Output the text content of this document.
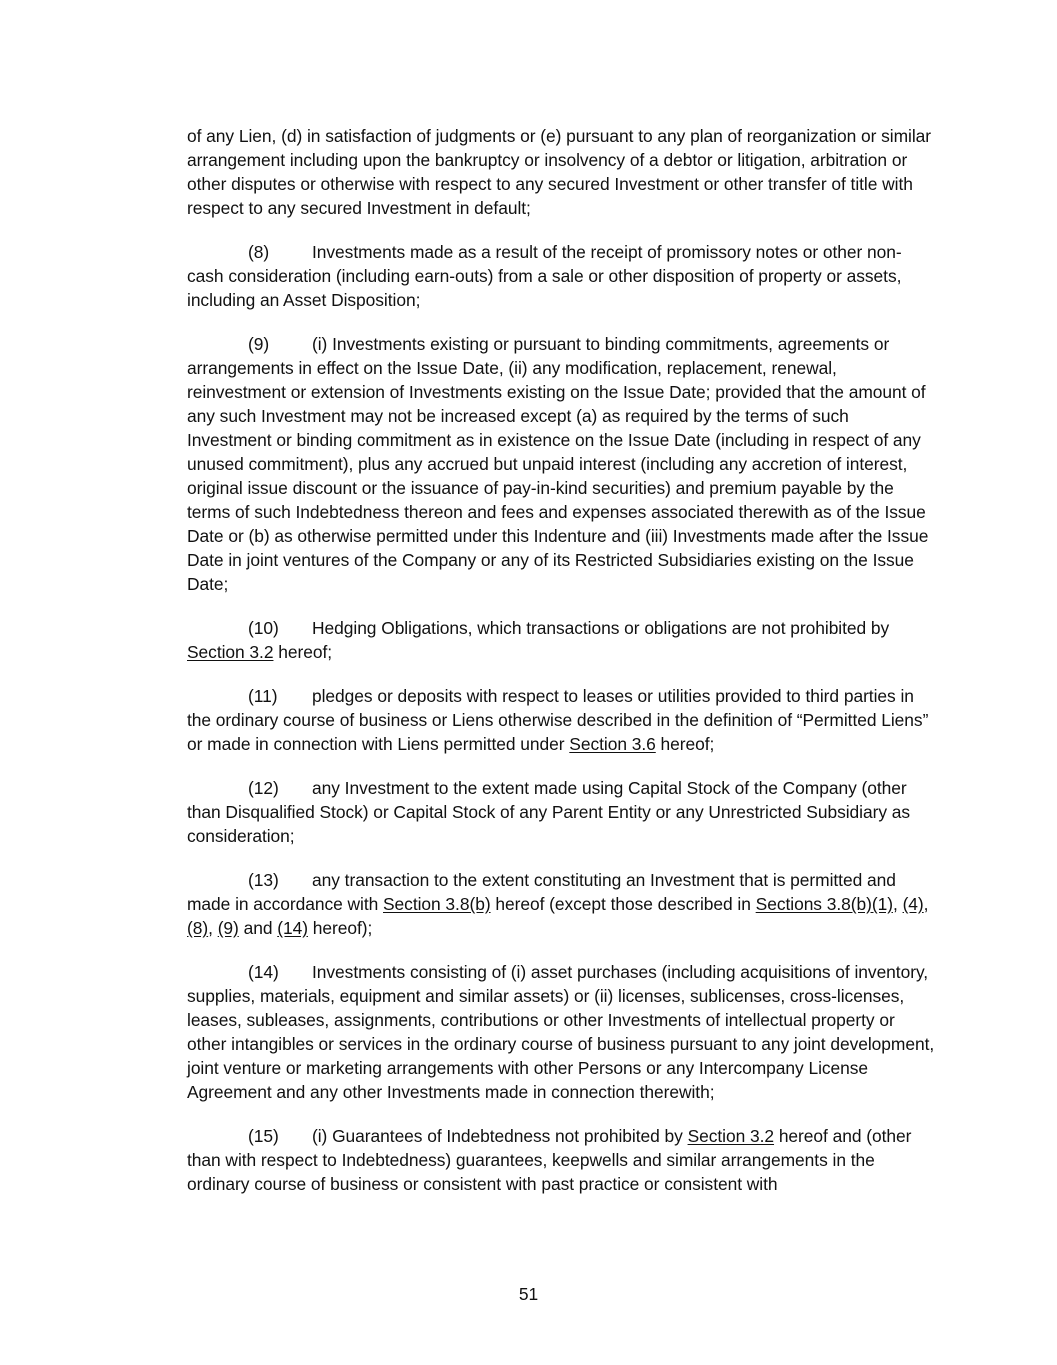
of any Lien, (d) in satisfaction of judgments or (e) pursuant to any plan of reorganization or similar arrangement including upon the bankruptcy or insolvency of a debtor or litigation, arbitration or other disputes or otherwise with respect to any secured Investment or other transfer of title with respect to any secured Investment in default;

(8) Investments made as a result of the receipt of promissory notes or other non-cash consideration (including earn-outs) from a sale or other disposition of property or assets, including an Asset Disposition;

(9) (i) Investments existing or pursuant to binding commitments, agreements or arrangements in effect on the Issue Date, (ii) any modification, replacement, renewal, reinvestment or extension of Investments existing on the Issue Date; provided that the amount of any such Investment may not be increased except (a) as required by the terms of such Investment or binding commitment as in existence on the Issue Date (including in respect of any unused commitment), plus any accrued but unpaid interest (including any accretion of interest, original issue discount or the issuance of pay-in-kind securities) and premium payable by the terms of such Indebtedness thereon and fees and expenses associated therewith as of the Issue Date or (b) as otherwise permitted under this Indenture and (iii) Investments made after the Issue Date in joint ventures of the Company or any of its Restricted Subsidiaries existing on the Issue Date;

(10) Hedging Obligations, which transactions or obligations are not prohibited by Section 3.2 hereof;

(11) pledges or deposits with respect to leases or utilities provided to third parties in the ordinary course of business or Liens otherwise described in the definition of “Permitted Liens” or made in connection with Liens permitted under Section 3.6 hereof;

(12) any Investment to the extent made using Capital Stock of the Company (other than Disqualified Stock) or Capital Stock of any Parent Entity or any Unrestricted Subsidiary as consideration;

(13) any transaction to the extent constituting an Investment that is permitted and made in accordance with Section 3.8(b) hereof (except those described in Sections 3.8(b)(1), (4), (8), (9) and (14) hereof);

(14) Investments consisting of (i) asset purchases (including acquisitions of inventory, supplies, materials, equipment and similar assets) or (ii) licenses, sublicenses, cross-licenses, leases, subleases, assignments, contributions or other Investments of intellectual property or other intangibles or services in the ordinary course of business pursuant to any joint development, joint venture or marketing arrangements with other Persons or any Intercompany License Agreement and any other Investments made in connection therewith;

(15) (i) Guarantees of Indebtedness not prohibited by Section 3.2 hereof and (other than with respect to Indebtedness) guarantees, keepwells and similar arrangements in the ordinary course of business or consistent with past practice or consistent with

51
